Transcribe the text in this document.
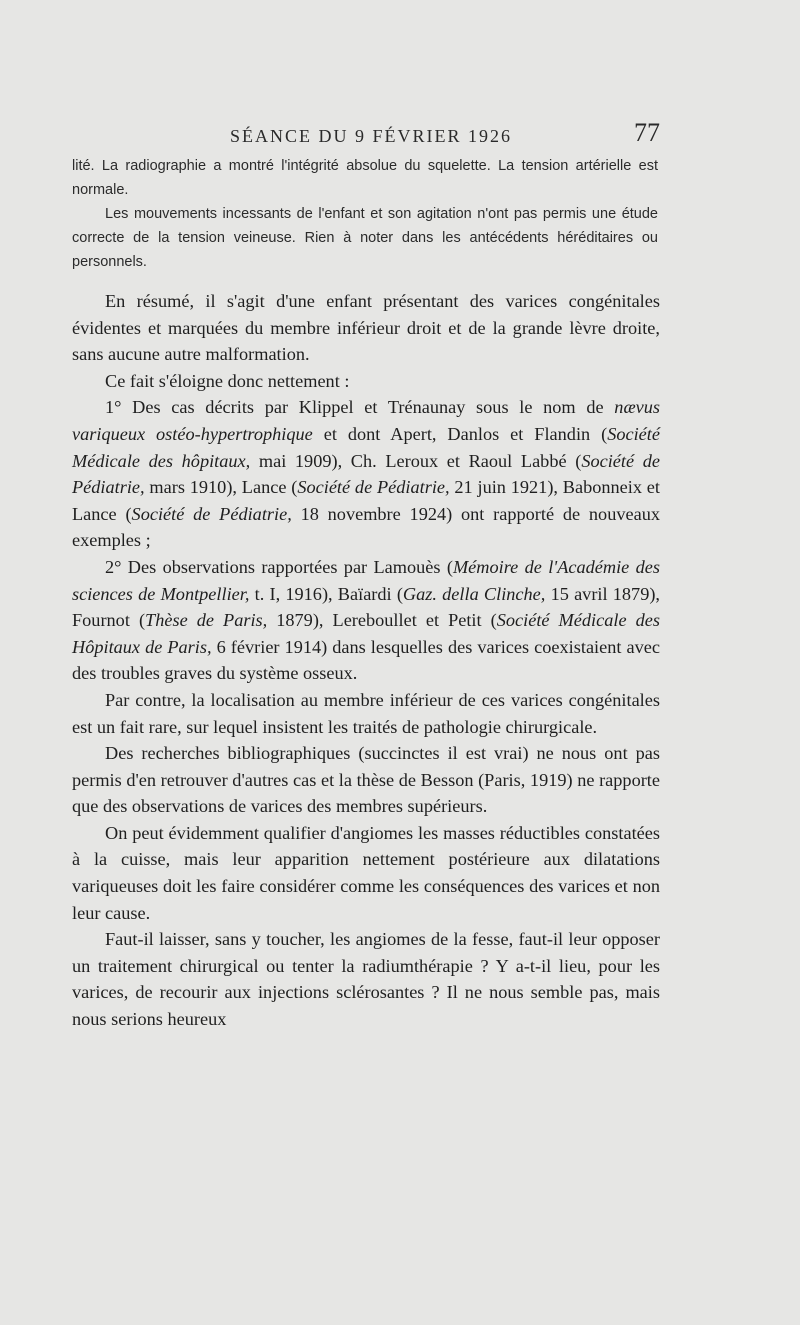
SÉANCE DU 9 FÉVRIER 1926	77

lité. La radiographie a montré l'intégrité absolue du squelette. La tension artérielle est normale.

Les mouvements incessants de l'enfant et son agitation n'ont pas permis une étude correcte de la tension veineuse. Rien à noter dans les antécédents héréditaires ou personnels.

En résumé, il s'agit d'une enfant présentant des varices congénitales évidentes et marquées du membre inférieur droit et de la grande lèvre droite, sans aucune autre malformation.

Ce fait s'éloigne donc nettement :

1° Des cas décrits par Klippel et Trénaunay sous le nom de nævus variqueux ostéo-hypertrophique et dont Apert, Danlos et Flandin (Société Médicale des hôpitaux, mai 1909), Ch. Leroux et Raoul Labbé (Société de Pédiatrie, mars 1910), Lance (Société de Pédiatrie, 21 juin 1921), Babonneix et Lance (Société de Pédiatrie, 18 novembre 1924) ont rapporté de nouveaux exemples ;

2° Des observations rapportées par Lamouès (Mémoire de l'Académie des sciences de Montpellier, t. I, 1916), Baïardi (Gaz. della Clinche, 15 avril 1879), Fournot (Thèse de Paris, 1879), Lereboullet et Petit (Société Médicale des Hôpitaux de Paris, 6 février 1914) dans lesquelles des varices coexistaient avec des troubles graves du système osseux.

Par contre, la localisation au membre inférieur de ces varices congénitales est un fait rare, sur lequel insistent les traités de pathologie chirurgicale.

Des recherches bibliographiques (succinctes il est vrai) ne nous ont pas permis d'en retrouver d'autres cas et la thèse de Besson (Paris, 1919) ne rapporte que des observations de varices des membres supérieurs.

On peut évidemment qualifier d'angiomes les masses réductibles constatées à la cuisse, mais leur apparition nettement postérieure aux dilatations variqueuses doit les faire considérer comme les conséquences des varices et non leur cause.

Faut-il laisser, sans y toucher, les angiomes de la fesse, faut-il leur opposer un traitement chirurgical ou tenter la radiumthérapie ? Y a-t-il lieu, pour les varices, de recourir aux injections sclérosantes ? Il ne nous semble pas, mais nous serions heureux
